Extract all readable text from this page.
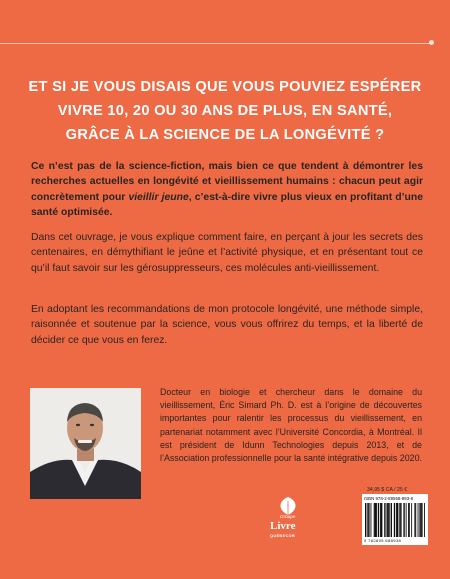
ET SI JE VOUS DISAIS QUE VOUS POUVIEZ ESPÉRER
VIVRE 10, 20 OU 30 ANS DE PLUS, EN SANTÉ,
GRÂCE À LA SCIENCE DE LA LONGÉVITÉ ?
Ce n’est pas de la science-fiction, mais bien ce que tendent à démontrer les recherches actuelles en longévité et vieillissement humains : chacun peut agir concrètement pour vieillir jeune, c’est-à-dire vivre plus vieux en profitant d’une santé optimisée.
Dans cet ouvrage, je vous explique comment faire, en perçant à jour les secrets des centenaires, en démythifiant le jeûne et l’activité physique, et en présentant tout ce qu’il faut savoir sur les gérosuppresseurs, ces molécules anti-vieillissement.
En adoptant les recommandations de mon protocole longévité, une méthode simple, raisonnée et soutenue par la science, vous vous offrirez du temps, et la liberté de décider ce que vous en ferez.
Docteur en biologie et chercheur dans le domaine du vieillissement, Éric Simard Ph. D. est à l’origine de découvertes importantes pour ralentir les processus du vieillissement, en partenariat notamment avec l’Université Concordia, à Montréal. Il est président de Idunn Technologies depuis 2013, et de l’Association professionnelle pour la santé intégrative depuis 2020.
Groupe
Livre
QUÉBECOR
34,95 $ CA / 25 €
ISBN 978-2-89568-893-8
9 782895 688938
